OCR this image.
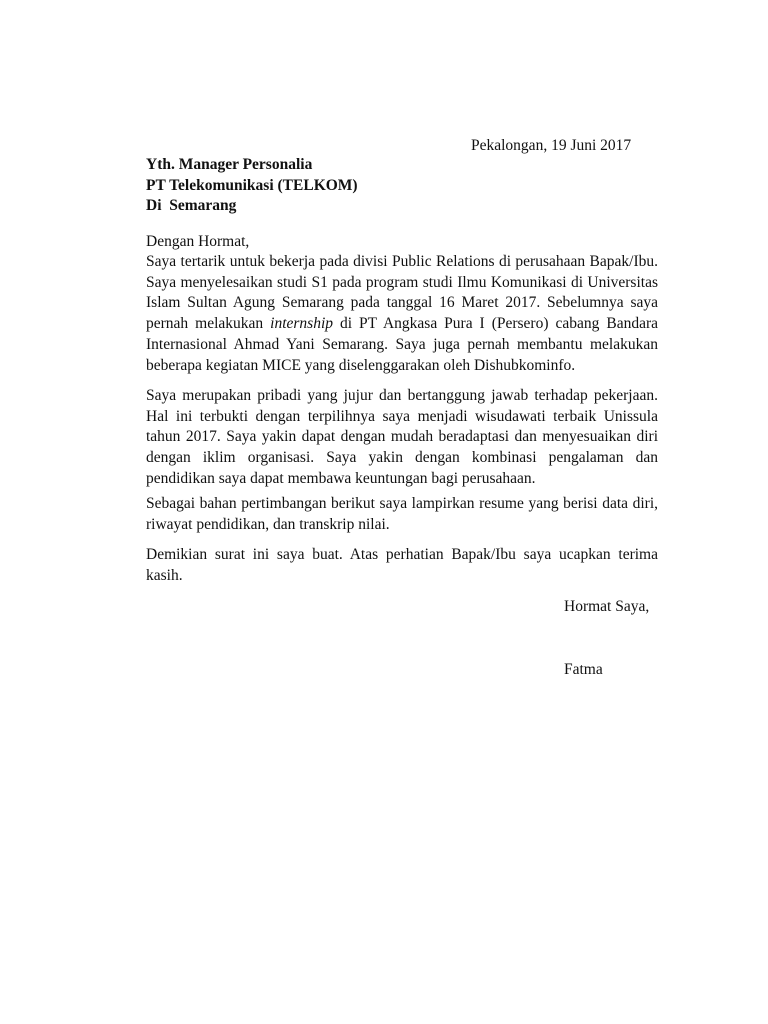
Pekalongan, 19 Juni 2017
Yth. Manager Personalia
PT Telekomunikasi (TELKOM)
Di  Semarang
Dengan Hormat,
Saya tertarik untuk bekerja pada divisi Public Relations di perusahaan Bapak/Ibu.
Saya menyelesaikan studi S1 pada program studi Ilmu Komunikasi di Universitas
Islam Sultan Agung Semarang pada tanggal 16 Maret 2017. Sebelumnya saya
pernah melakukan internship di PT Angkasa Pura I (Persero) cabang Bandara
Internasional Ahmad Yani Semarang. Saya juga pernah membantu melakukan
beberapa kegiatan MICE yang diselenggarakan oleh Dishubkominfo.
Saya merupakan pribadi yang jujur dan bertanggung jawab terhadap pekerjaan.
Hal ini terbukti dengan terpilihnya saya menjadi wisudawati terbaik Unissula
tahun 2017. Saya yakin dapat dengan mudah beradaptasi dan menyesuaikan diri
dengan iklim organisasi. Saya yakin dengan kombinasi pengalaman dan
pendidikan saya dapat membawa keuntungan bagi perusahaan.
Sebagai bahan pertimbangan berikut saya lampirkan resume yang berisi data diri,
riwayat pendidikan, dan transkrip nilai.
Demikian surat ini saya buat. Atas perhatian Bapak/Ibu saya ucapkan terima
kasih.
Hormat Saya,
Fatma
